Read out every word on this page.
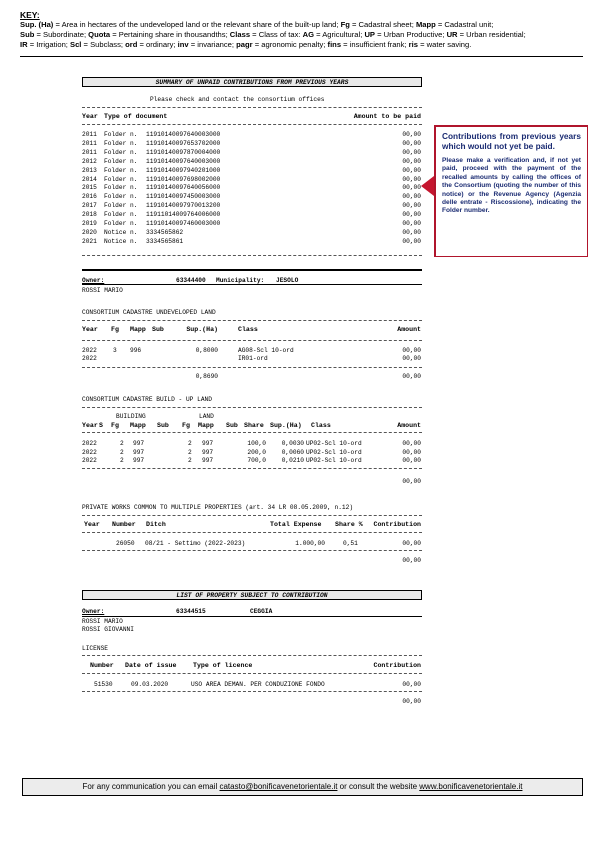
KEY:
Sup. (Ha) = Area in hectares of the undeveloped land or the relevant share of the built-up land; Fg = Cadastral sheet; Mapp = Cadastral unit;
Sub = Subordinate; Quota = Pertaining share in thousandths; Class = Class of tax: AG = Agricultural; UP = Urban Productive; UR = Urban residential;
IR = Irrigation; Scl = Subclass; ord = ordinary; inv = invariance; pagr = agronomic penalty; fins = insufficient frank; ris = water saving.
SUMMARY OF UNPAID CONTRIBUTIONS FROM PREVIOUS YEARS
Please check and contact the consortium offices
Year Type of document	Amount to be paid
2011 Folder n. 11910140097640003000	00,00
2011 Folder n. 11910140097653702000	00,00
2011 Folder n. 11910140097870004000	00,00
2012 Folder n. 11910140097640003000	00,00
2013 Folder n. 11910140097940201000	00,00
2014 Folder n. 11910140097698002000	00,00
2015 Folder n. 11910140097640056000	00,00
2016 Folder n. 11910140097450003000	00,00
2017 Folder n. 11910140097970013200	00,00
2018 Folder n. 11911014009764006000	00,00
2019 Folder n. 11910140097460003000	00,00
2020 Notice n. 3334565862	00,00
2021 Notice n. 3334565861	00,00
Contributions from previous years which would not yet be paid.
Please make a verification and, if not yet paid, proceed with the payment of the recalled amounts by calling the offices of the Consortium (quoting the number of this notice) or the Revenue Agency (Agenzia delle entrate - Riscossione), indicating the Folder number.
Owner:	63344400 Municipality: JESOLO
ROSSI MARIO
CONSORTIUM CADASTRE UNDEVELOPED LAND
Year Fg Mapp Sub	Sup.(Ha)	Class	Amount
2022	3 996	0,8000	AG08-Scl 10-ord	00,00
2022	IR01-ord	00,00
0,8690	00,00
CONSORTIUM CADASTRE BUILD - UP LAND
BUILDING	LAND
Year S Fg Mapp Sub Fg Mapp Sub Share Sup.(Ha) Class	Amount
2022	2 997	2 997	100,0	0,0030 UP02-Scl 10-ord	00,00
2022	2 997	2 997	200,0	0,0060 UP02-Scl 10-ord	00,00
2022	2 997	2 997	700,0	0,0210 UP02-Scl 10-ord	00,00
00,00
PRIVATE WORKS COMMON TO MULTIPLE PROPERTIES (art. 34 LR 08.05.2009, n.12)
Year Number Ditch	Total Expense Share %	Contribution
26050 08/21 - Settimo (2022-2023)	1.000,00	0,51	00,00
00,00
LIST OF PROPERTY SUBJECT TO CONTRIBUTION
Owner:	63344515	CEGGIA
ROSSI MARIO
ROSSI GIOVANNI
LICENSE
Number Date of issue	Type of licence	Contribution
51530	09.03.2020	USO AREA DEMAN. PER CONDUZIONE FONDO	00,00
00,00
For any communication you can email catasto@bonificavenetorientale.it or consult the website www.bonificavenetorientale.it
